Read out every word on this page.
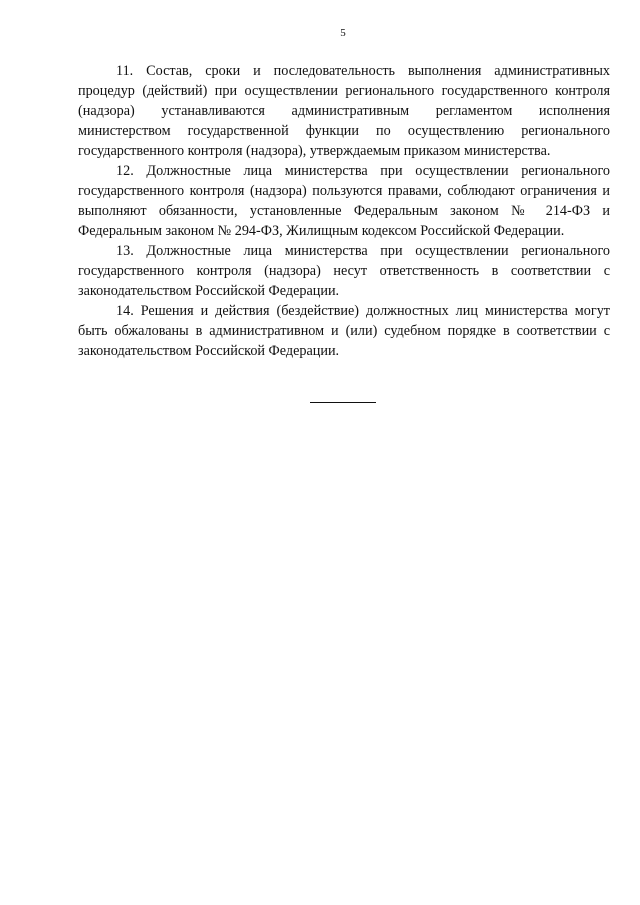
5

11. Состав, сроки и последовательность выполнения административных процедур (действий) при осуществлении регионального государственного контроля (надзора) устанавливаются административным регламентом исполнения министерством государственной функции по осуществлению регионального государственного контроля (надзора), утверждаемым приказом министерства.

12. Должностные лица министерства при осуществлении регионального государственного контроля (надзора) пользуются правами, соблюдают ограничения и выполняют обязанности, установленные Федеральным законом № 214-ФЗ и Федеральным законом № 294-ФЗ, Жилищным кодексом Российской Федерации.

13. Должностные лица министерства при осуществлении регионального государственного контроля (надзора) несут ответственность в соответствии с законодательством Российской Федерации.

14. Решения и действия (бездействие) должностных лиц министерства могут быть обжалованы в административном и (или) судебном порядке в соответствии с законодательством Российской Федерации.
